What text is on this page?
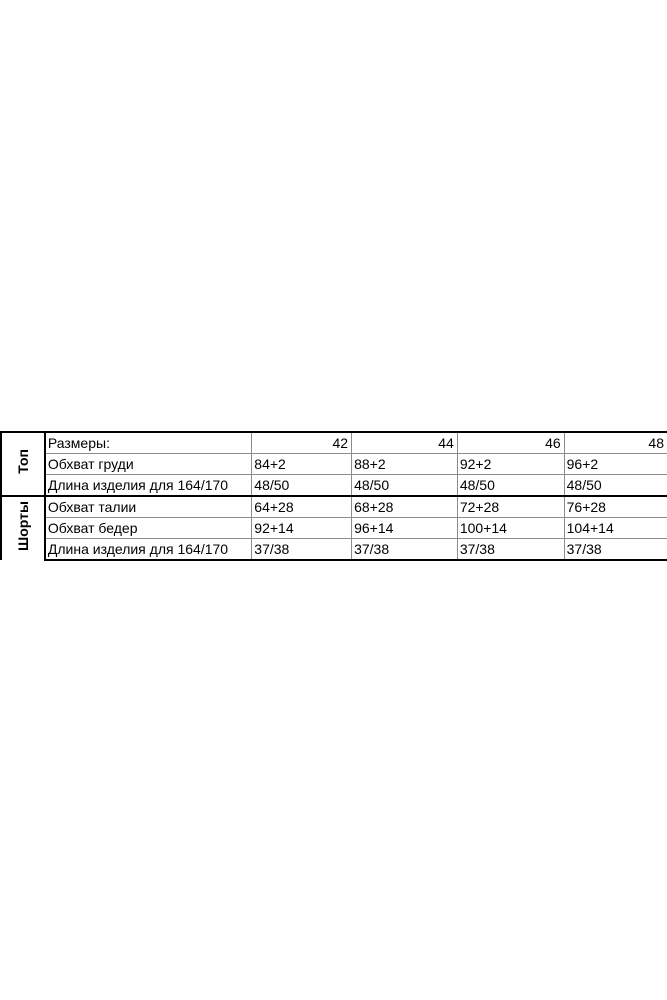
Топ	Размеры:	42	44	46	48
	Обхват груди	84+2	88+2	92+2	96+2
	Длина изделия для 164/170	48/50	48/50	48/50	48/50
Шорты	Обхват талии	64+28	68+28	72+28	76+28
	Обхват бедер	92+14	96+14	100+14	104+14
	Длина изделия для 164/170	37/38	37/38	37/38	37/38
